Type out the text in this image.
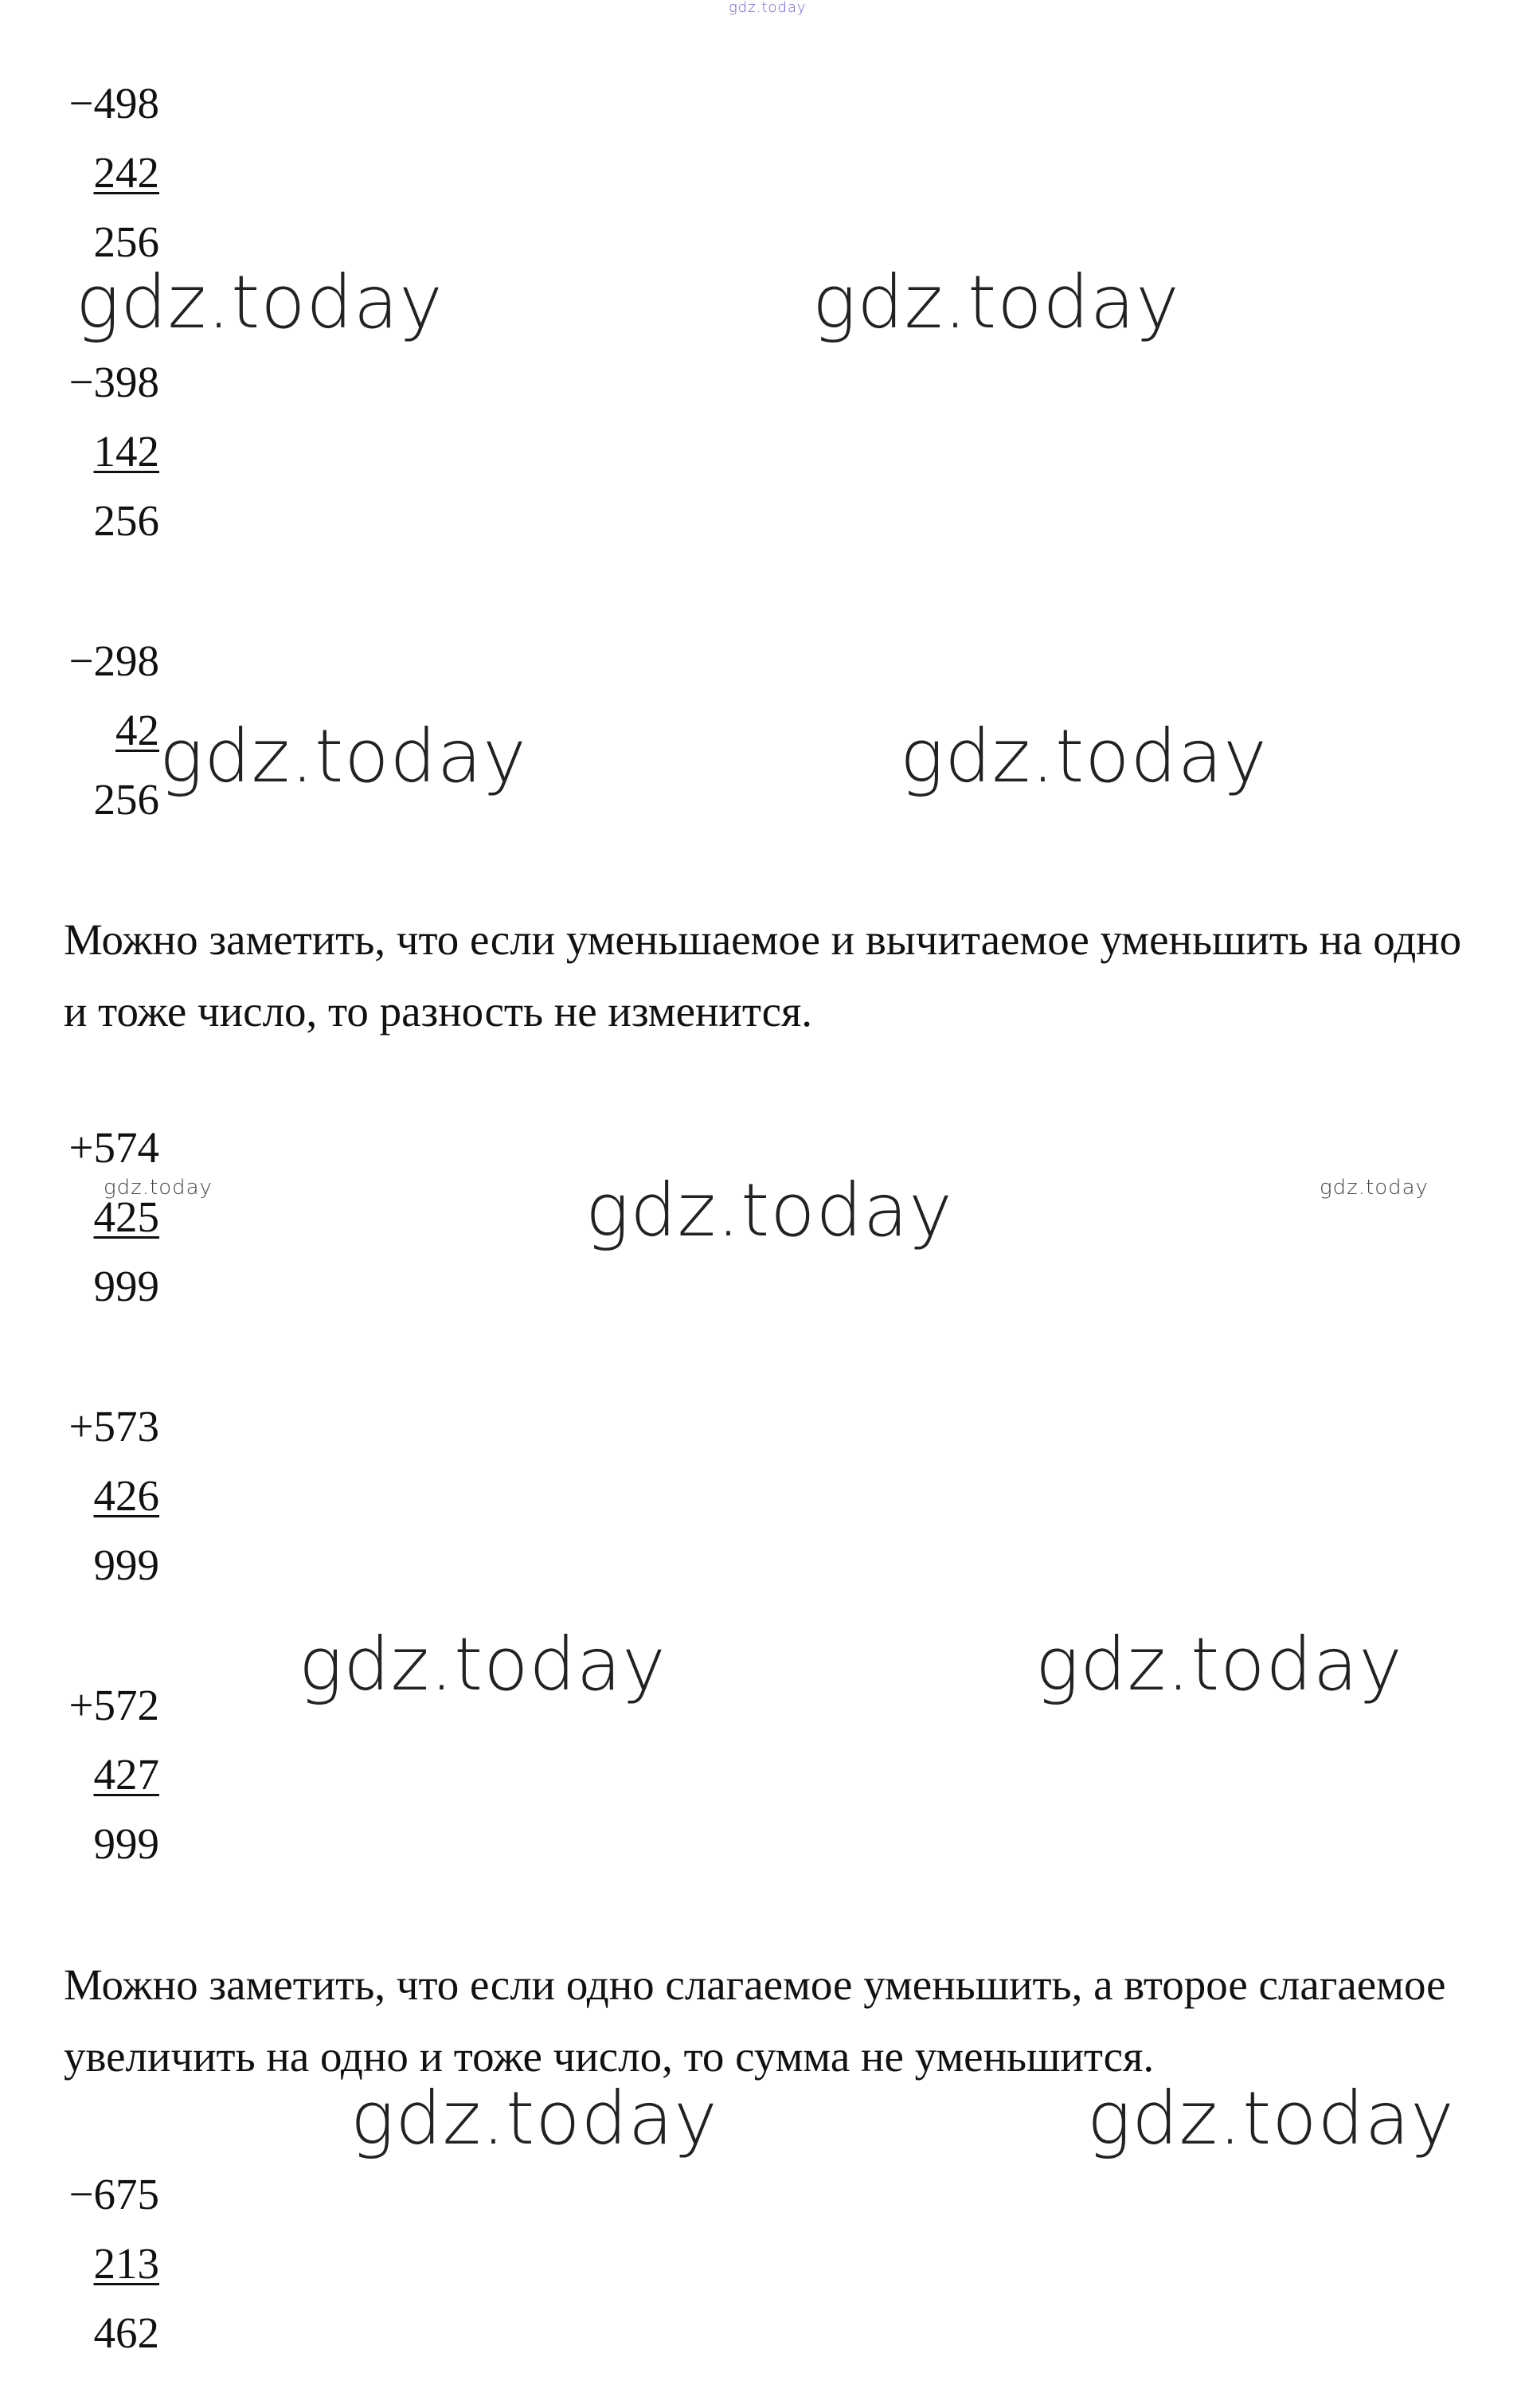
gdz.today
−498
242
256
gdz.today	gdz.today
−398
142
256
−298
42
256
gdz.today	gdz.today
Можно заметить, что если уменьшаемое и вычитаемое уменьшить на одно и тоже число, то разность не изменится.
+574
425
999
gdz.today	gdz.today	gdz.today
+573
426
999
gdz.today	gdz.today
+572
427
999
Можно заметить, что если одно слагаемое уменьшить, а второе слагаемое увеличить на одно и тоже число, то сумма не уменьшится.
gdz.today	gdz.today
−675
213
462
